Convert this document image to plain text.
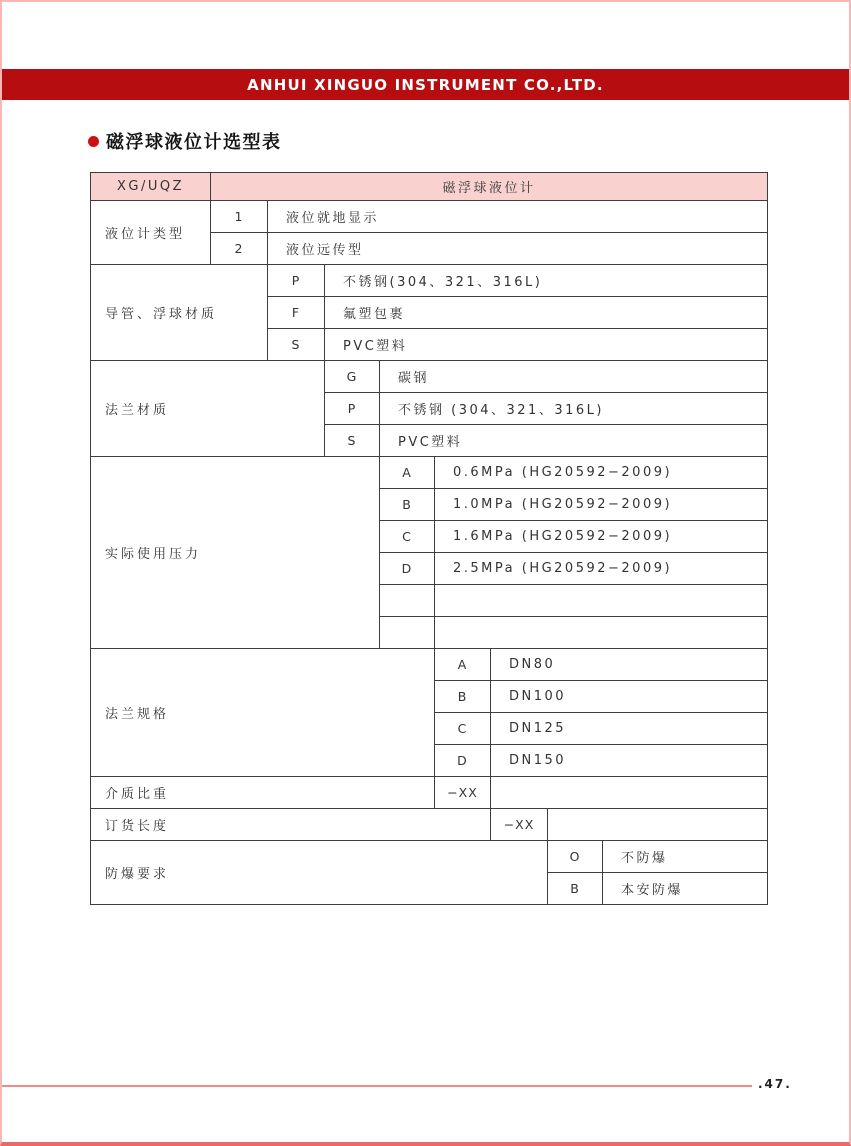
ANHUI XINGUO INSTRUMENT CO.,LTD.
磁浮球液位计选型表
XG/UQZ	磁浮球液位计							
液位计类型	1	液位就地显示						
	2	液位远传型						
导管、浮球材质		P	不锈钢(304、321、316L)					
		F	氟塑包裹					
		S	PVC塑料					
法兰材质			G	碳钢				
			P	不锈钢 (304、321、316L)				
			S	PVC塑料				
实际使用压力				A	0.6MPa (HG20592−2009)			
				B	1.0MPa (HG20592−2009)			
				C	1.6MPa (HG20592−2009)			
				D	2.5MPa (HG20592−2009)			

法兰规格					A	DN80		
					B	DN100		
					C	DN125		
					D	DN150		
介质比重					−XX			
订货长度						−XX		
防爆要求							O	不防爆
							B	本安防爆
.47.
